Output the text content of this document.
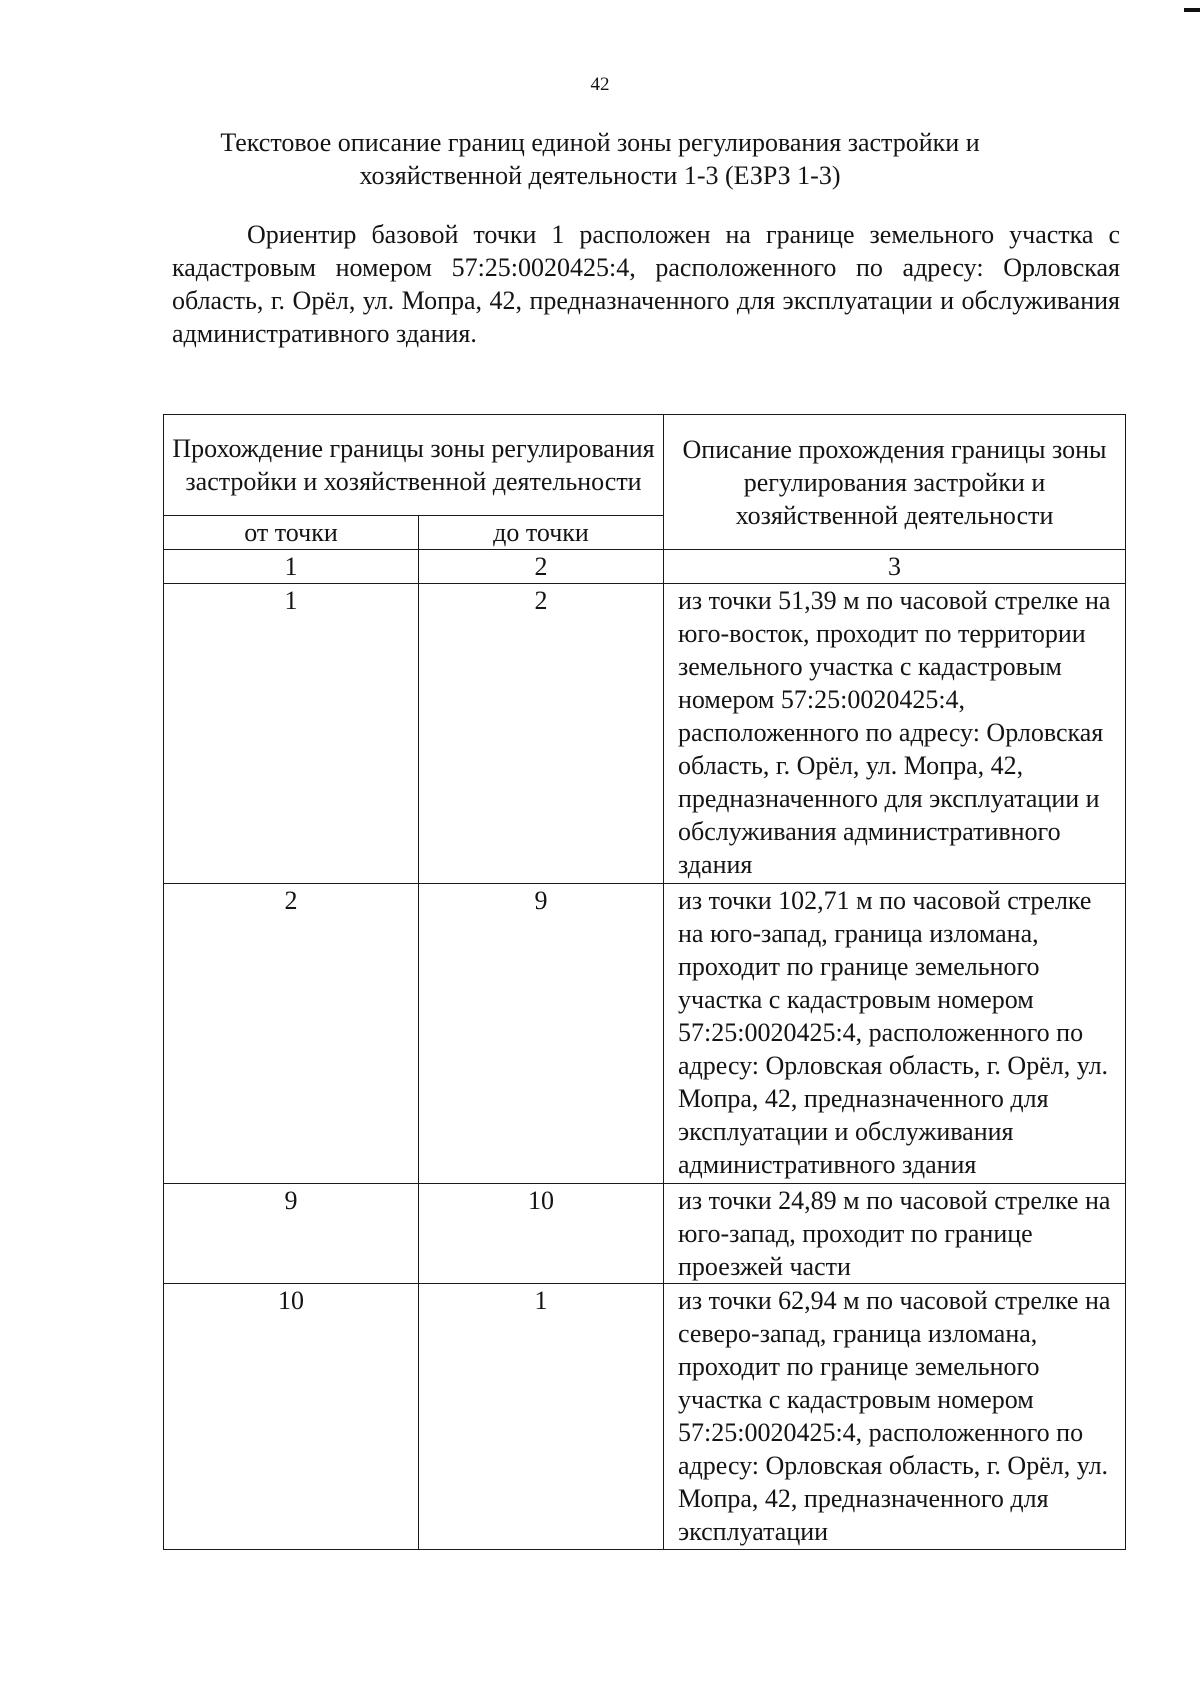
42
Текстовое описание границ единой зоны регулирования застройки и
хозяйственной деятельности 1-3 (ЕЗРЗ 1-3)

Ориентир базовой точки 1 расположен на границе земельного участка с кадастровым номером 57:25:0020425:4, расположенного по адресу: Орловская область, г. Орёл, ул. Мопра, 42, предназначенного для эксплуатации и обслуживания административного здания.

Прохождение границы зоны регулирования застройки и хозяйственной деятельности		Описание прохождения границы зоны регулирования застройки и хозяйственной деятельности
от точки	до точки	
1	2	3
1	2	из точки 51,39 м по часовой стрелке на юго-восток, проходит по территории земельного участка с кадастровым номером 57:25:0020425:4, расположенного по адресу: Орловская область, г. Орёл, ул. Мопра, 42, предназначенного для эксплуатации и обслуживания административного здания
2	9	из точки 102,71 м по часовой стрелке на юго-запад, граница изломана, проходит по границе земельного участка с кадастровым номером 57:25:0020425:4, расположенного по адресу: Орловская область, г. Орёл, ул. Мопра, 42, предназначенного для эксплуатации и обслуживания административного здания
9	10	из точки 24,89 м по часовой стрелке на юго-запад, проходит по границе проезжей части
10	1	из точки 62,94 м по часовой стрелке на северо-запад, граница изломана, проходит по границе земельного участка с кадастровым номером 57:25:0020425:4, расположенного по адресу: Орловская область, г. Орёл, ул. Мопра, 42, предназначенного для эксплуатации
